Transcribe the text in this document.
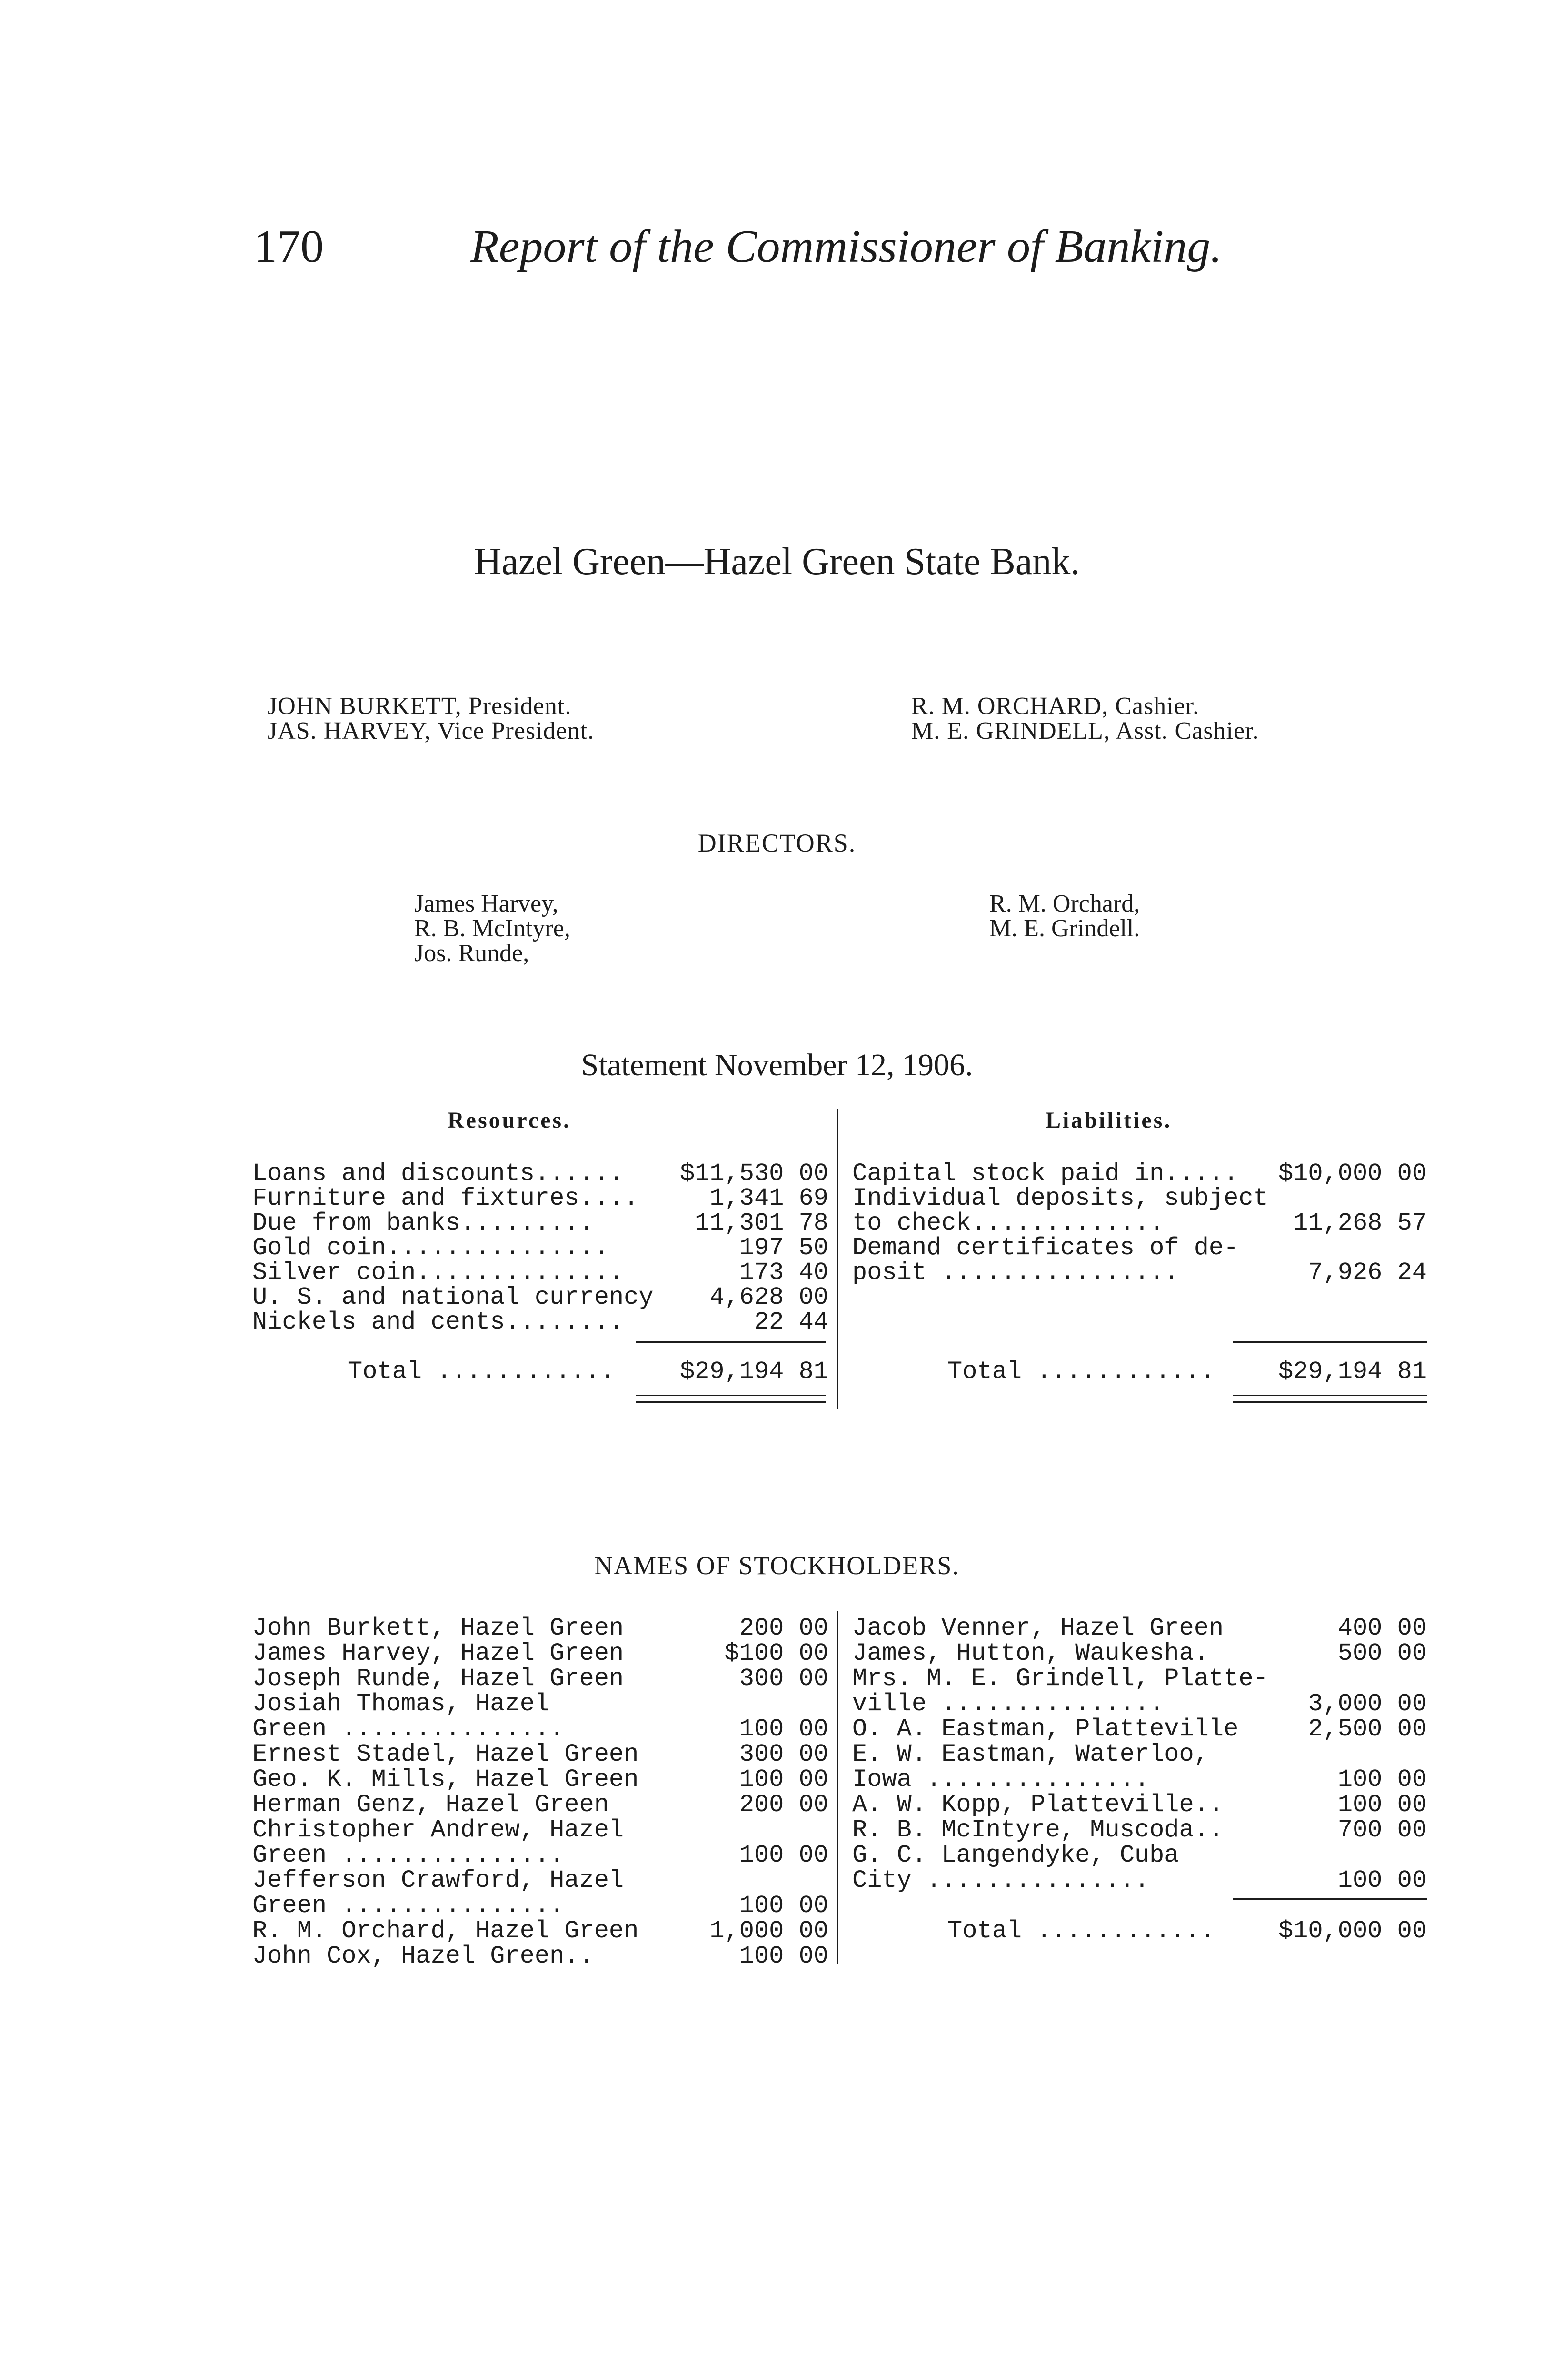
170	Report of the Commissioner of Banking.
Hazel Green—Hazel Green State Bank.
JOHN BURKETT, President.
JAS. HARVEY, Vice President.
R. M. ORCHARD, Cashier.
M. E. GRINDELL, Asst. Cashier.
DIRECTORS.
James Harvey,
R. B. McIntyre,
Jos. Runde,
R. M. Orchard,
M. E. Grindell.
Statement November 12, 1906.
Resources.	Liabilities.
Loans and discounts...... $11,530 00
Furniture and fixtures....	1,341 69
Due from banks.........	11,301 78
Gold coin...............	197 50
Silver coin..............	173 40
U. S. and national currency 4,628 00
Nickels and cents........	22 44
Total ............	$29,194 81
Capital stock paid in..... $10,000 00
Individual deposits, subject
to check.............	11,268 57
Demand certificates of de-
posit ................	7,926 24
Total ............	$29,194 81
NAMES OF STOCKHOLDERS.
John Burkett, Hazel Green	200 00
James Harvey, Hazel Green	$100 00
Joseph Runde, Hazel Green	300 00
Josiah Thomas, Hazel
Green ...............	100 00
Ernest Stadel, Hazel Green	300 00
Geo. K. Mills, Hazel Green	100 00
Herman Genz, Hazel Green	200 00
Christopher Andrew, Hazel
Green ...............	100 00
Jefferson Crawford, Hazel
Green ...............	100 00
R. M. Orchard, Hazel Green	1,000 00
John Cox, Hazel Green..	100 00
Jacob Venner, Hazel Green	400 00
James, Hutton, Waukesha.	500 00
Mrs. M. E. Grindell, Platte-
ville ...............	3,000 00
O. A. Eastman, Platteville	2,500 00
E. W. Eastman, Waterloo,
Iowa ...............	100 00
A. W. Kopp, Platteville..	100 00
R. B. McIntyre, Muscoda..	700 00
G. C. Langendyke, Cuba
City ...............	100 00
Total ............	$10,000 00
